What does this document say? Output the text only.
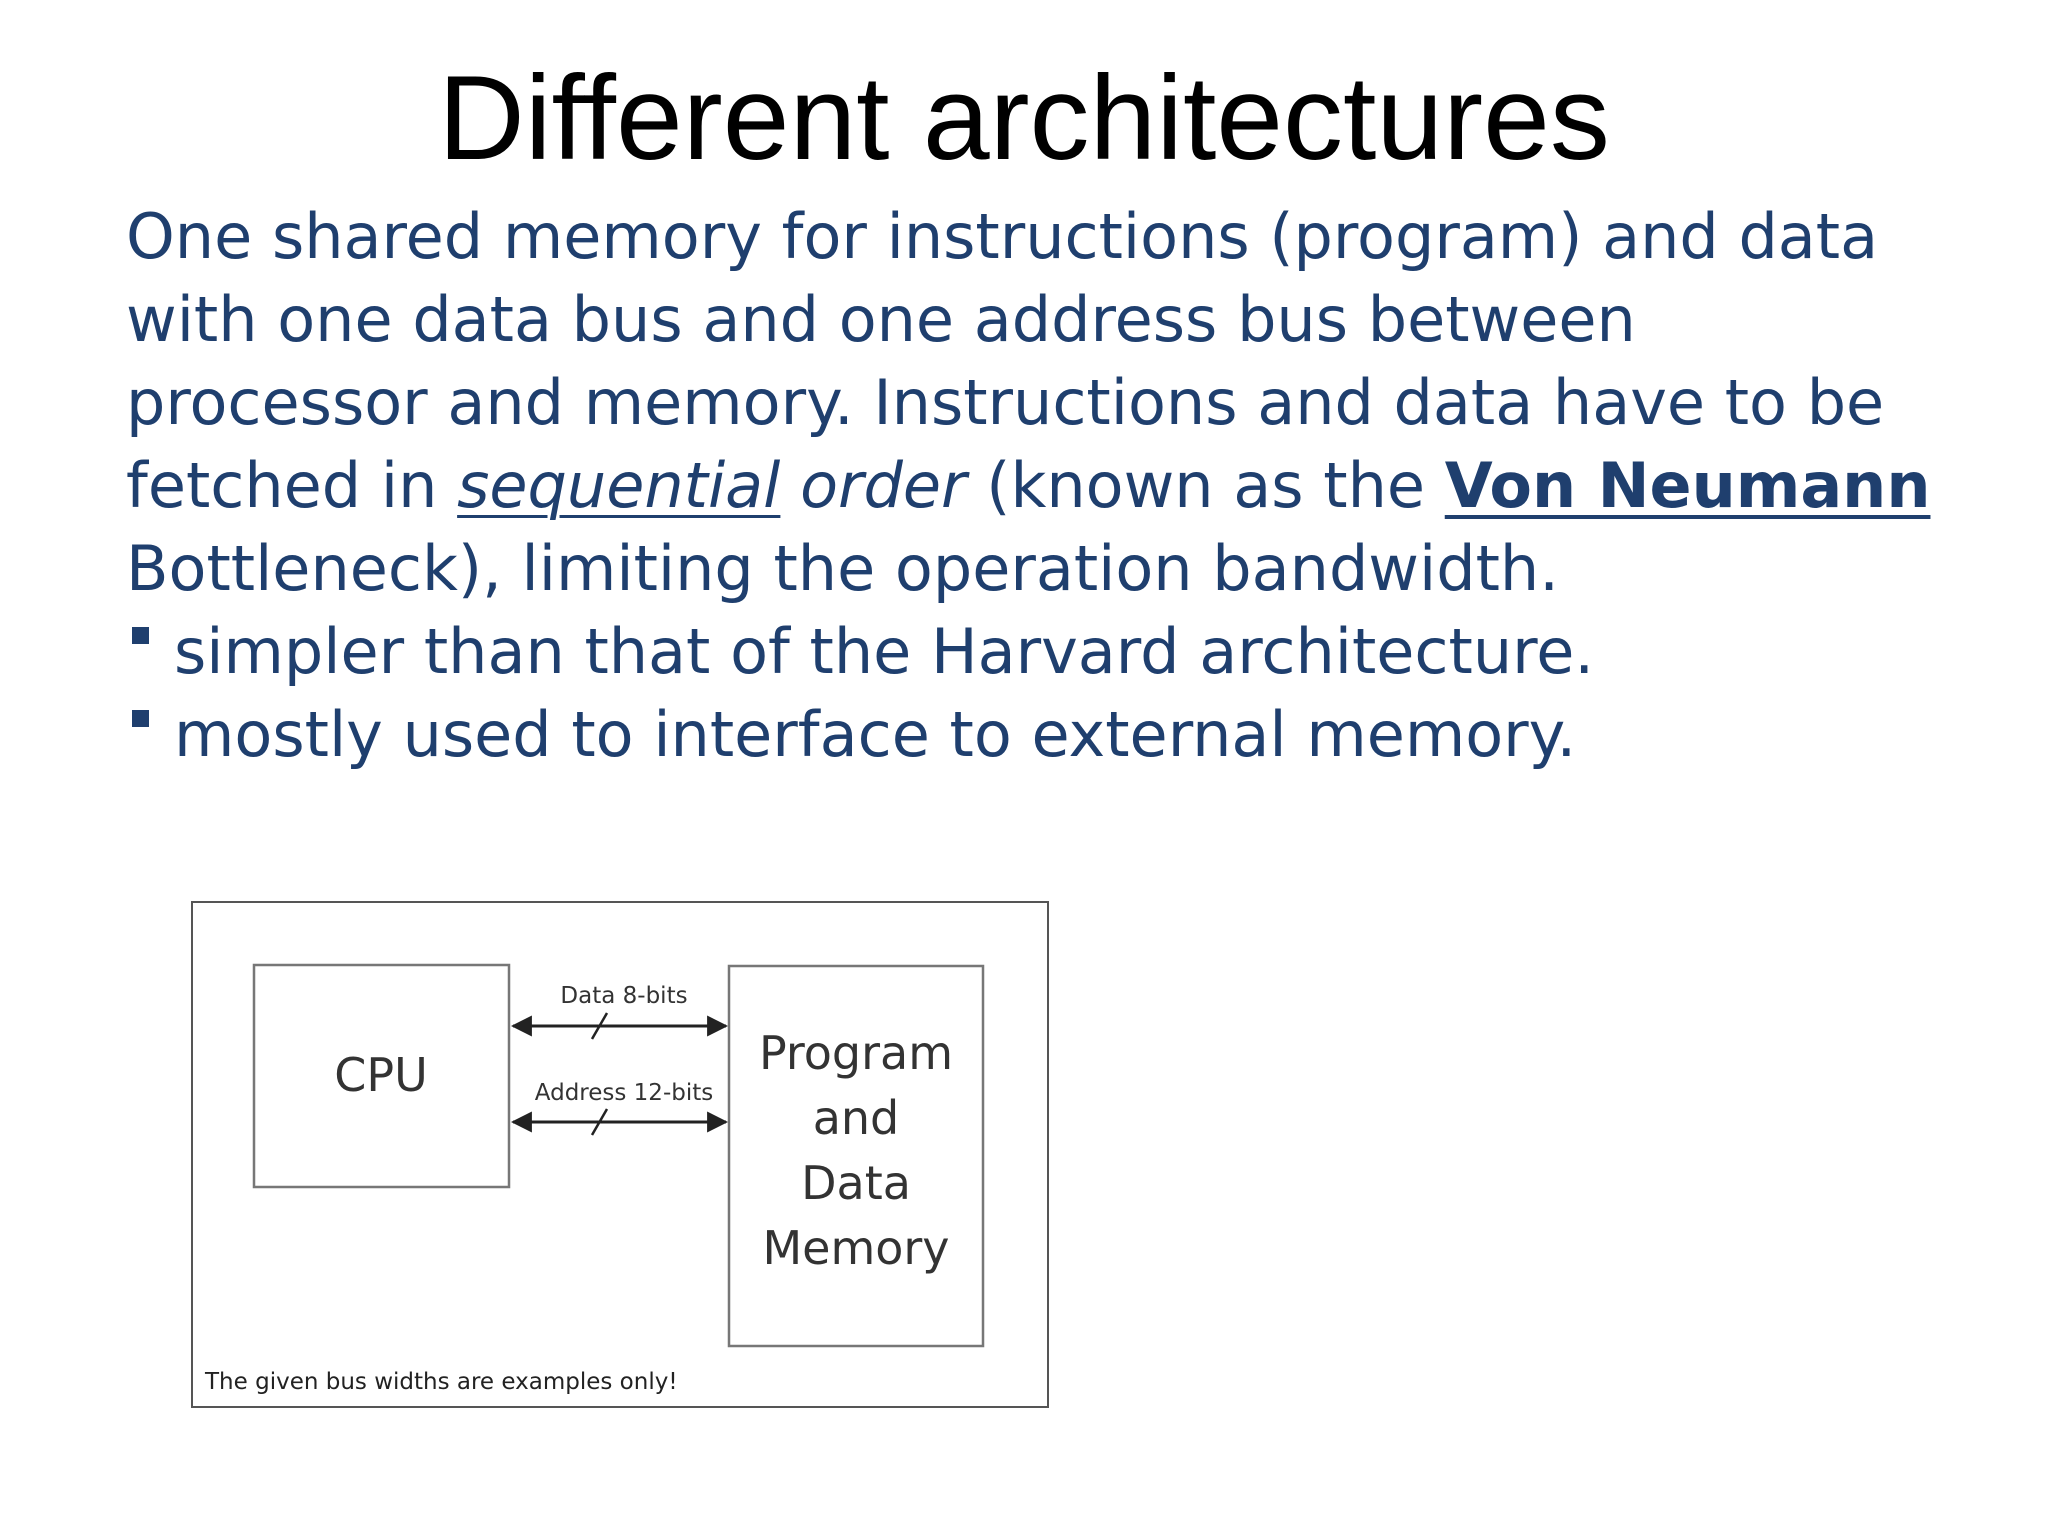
Different architectures

One shared memory for instructions (program) and data with one data bus and one address bus between processor and memory. Instructions and data have to be fetched in sequential order (known as the Von Neumann Bottleneck), limiting the operation bandwidth.

simpler than that of the Harvard architecture.
mostly used to interface to external memory.
CPU	Program
and
Data
Memory
Data 8-bits
Address 12-bits
The given bus widths are examples only!
